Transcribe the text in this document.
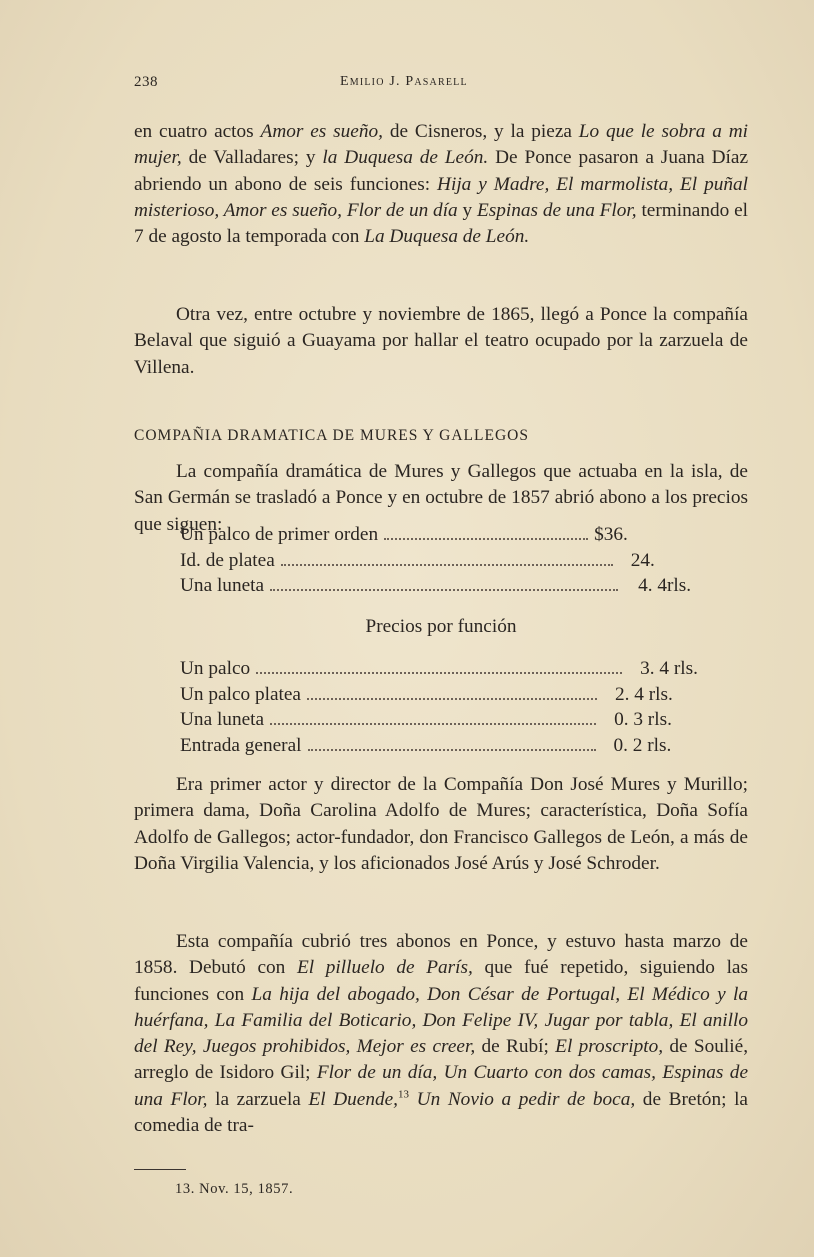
238	Emilio J. Pasarell

en cuatro actos Amor es sueño, de Cisneros, y la pieza Lo que le sobra a mi mujer, de Valladares; y la Duquesa de León. De Ponce pasaron a Juana Díaz abriendo un abono de seis funciones: Hija y Madre, El marmolista, El puñal misterioso, Amor es sueño, Flor de un día y Espinas de una Flor, terminando el 7 de agosto la temporada con La Duquesa de León.

Otra vez, entre octubre y noviembre de 1865, llegó a Ponce la compañía Belaval que siguió a Guayama por hallar el teatro ocupado por la zarzuela de Villena.

COMPAÑIA DRAMATICA DE MURES Y GALLEGOS

La compañía dramática de Mures y Gallegos que actuaba en la isla, de San Germán se trasladó a Ponce y en octubre de 1857 abrió abono a los precios que siguen:

Un palco de primer orden	$36.
Id. de platea	24.
Una luneta	4. 4rls.
Precios por función
Un palco	3. 4 rls.
Un palco platea	2. 4 rls.
Una luneta	0. 3 rls.
Entrada general	0. 2 rls.

Era primer actor y director de la Compañía Don José Mures y Murillo; primera dama, Doña Carolina Adolfo de Mures; característica, Doña Sofía Adolfo de Gallegos; actor-fundador, don Francisco Gallegos de León, a más de Doña Virgilia Valencia, y los aficionados José Arús y José Schroder.

Esta compañía cubrió tres abonos en Ponce, y estuvo hasta marzo de 1858. Debutó con El pilluelo de París, que fué repetido, siguiendo las funciones con La hija del abogado, Don César de Portugal, El Médico y la huérfana, La Familia del Boticario, Don Felipe IV, Jugar por tabla, El anillo del Rey, Juegos prohibidos, Mejor es creer, de Rubí; El proscripto, de Soulié, arreglo de Isidoro Gil; Flor de un día, Un Cuarto con dos camas, Espinas de una Flor, la zarzuela El Duende,$^{13}$ Un Novio a pedir de boca, de Bretón; la comedia de tra-

13. Nov. 15, 1857.
